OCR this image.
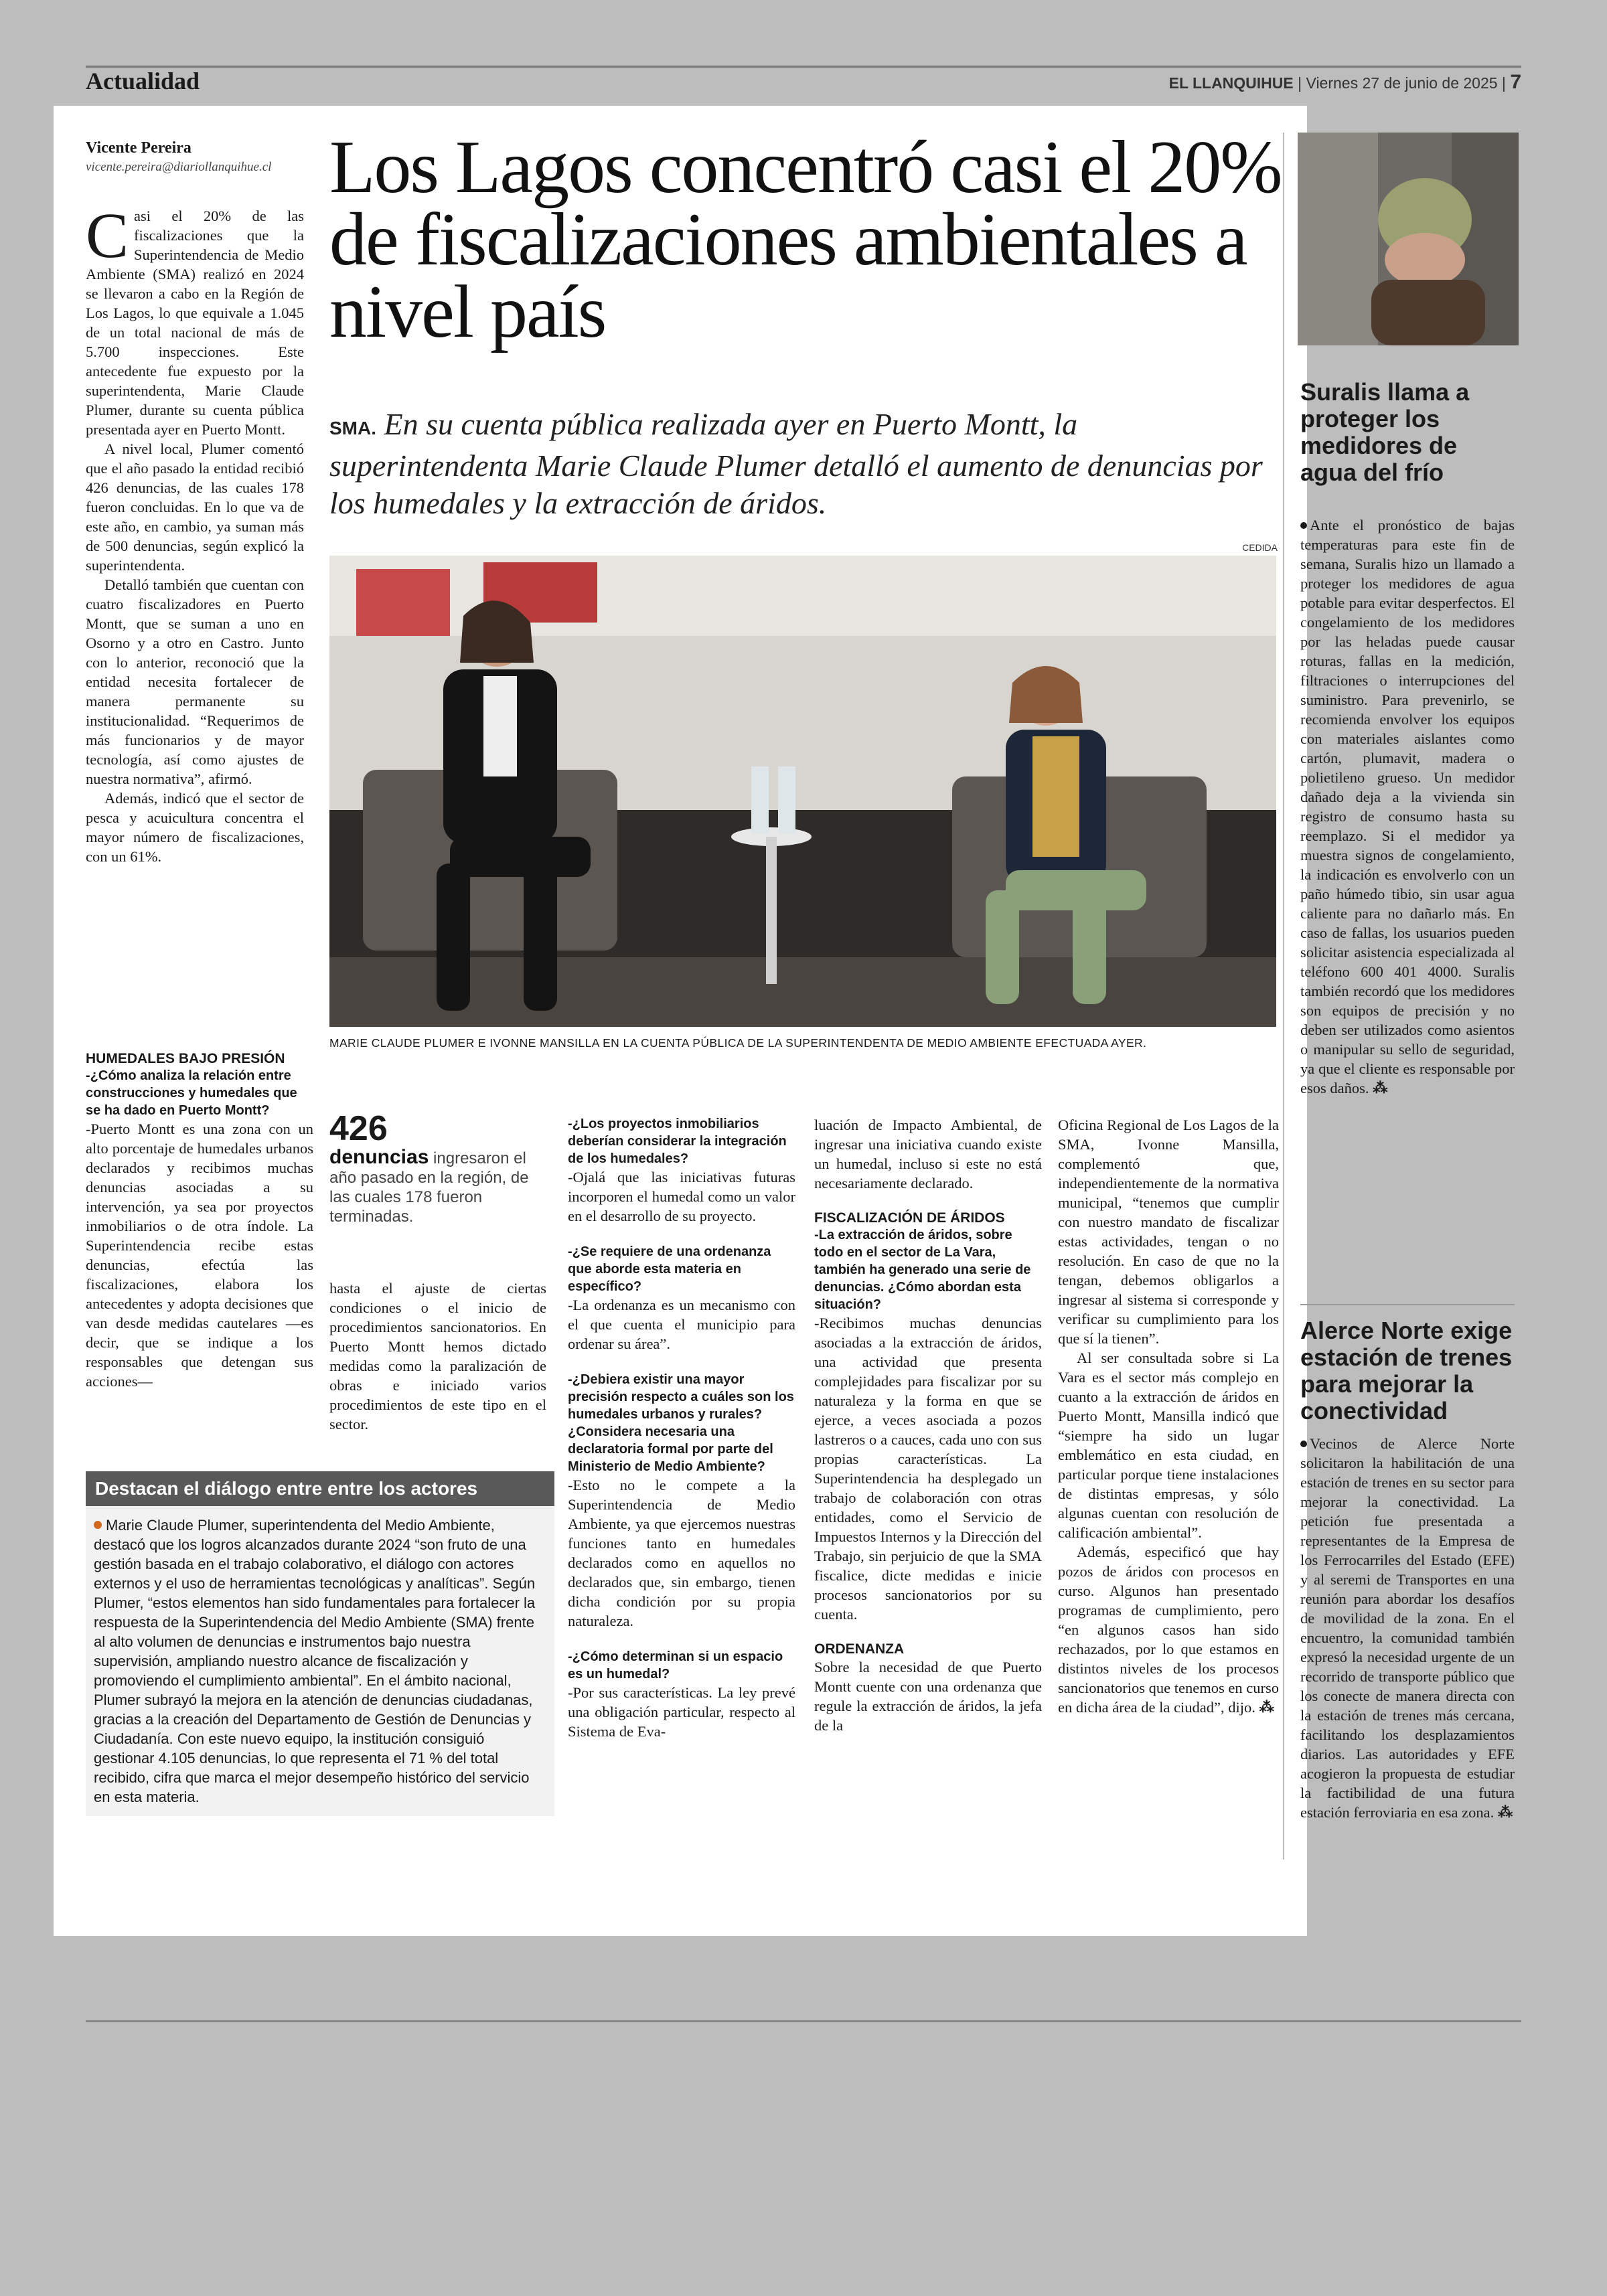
Actualidad	EL LLANQUIHUE | Viernes 27 de junio de 2025 | 7
Vicente Pereira
vicente.pereira@diariollanquihue.cl

Casi el 20% de las fiscalizaciones que la Superintendencia de Medio Ambiente (SMA) realizó en 2024 se llevaron a cabo en la Región de Los Lagos, lo que equivale a 1.045 de un total nacional de más de 5.700 inspecciones. Este antecedente fue expuesto por la superintendenta, Marie Claude Plumer, durante su cuenta pública presentada ayer en Puerto Montt.

A nivel local, Plumer comentó que el año pasado la entidad recibió 426 denuncias, de las cuales 178 fueron concluidas. En lo que va de este año, en cambio, ya suman más de 500 denuncias, según explicó la superintendenta.

Detalló también que cuentan con cuatro fiscalizadores en Puerto Montt, que se suman a uno en Osorno y a otro en Castro. Junto con lo anterior, reconoció que la entidad necesita fortalecer de manera permanente su institucionalidad. “Requerimos de más funcionarios y de mayor tecnología, así como ajustes de nuestra normativa”, afirmó.

Además, indicó que el sector de pesca y acuicultura concentra el mayor número de fiscalizaciones, con un 61%.

Los Lagos concentró casi el 20% de fiscalizaciones ambientales a nivel país
SMA. En su cuenta pública realizada ayer en Puerto Montt, la superintendenta Marie Claude Plumer detalló el aumento de denuncias por los humedales y la extracción de áridos.
CEDIDA
MARIE CLAUDE PLUMER E IVONNE MANSILLA EN LA CUENTA PÚBLICA DE LA SUPERINTENDENTA DE MEDIO AMBIENTE EFECTUADA AYER.
HUMEDALES BAJO PRESIÓN
-¿Cómo analiza la relación entre construcciones y humedales que se ha dado en Puerto Montt?
-Puerto Montt es una zona con un alto porcentaje de humedales urbanos declarados y recibimos muchas denuncias asociadas a su intervención, ya sea por proyectos inmobiliarios o de otra índole. La Superintendencia recibe estas denuncias, efectúa las fiscalizaciones, elabora los antecedentes y adopta decisiones que van desde medidas cautelares —es decir, que se indique a los responsables que detengan sus acciones—
426
denuncias ingresaron el año pasado en la región, de las cuales 178 fueron terminadas.
hasta el ajuste de ciertas condiciones o el inicio de procedimientos sancionatorios. En Puerto Montt hemos dictado medidas como la paralización de obras e iniciado varios procedimientos de este tipo en el sector.
-¿Los proyectos inmobiliarios deberían considerar la integración de los humedales?
-Ojalá que las iniciativas futuras incorporen el humedal como un valor en el desarrollo de su proyecto.
-¿Se requiere de una ordenanza que aborde esta materia en específico?
-La ordenanza es un mecanismo con el que cuenta el municipio para ordenar su área”.
-¿Debiera existir una mayor precisión respecto a cuáles son los humedales urbanos y rurales? ¿Considera necesaria una declaratoria formal por parte del Ministerio de Medio Ambiente?
-Esto no le compete a la Superintendencia de Medio Ambiente, ya que ejercemos nuestras funciones tanto en humedales declarados como en aquellos no declarados que, sin embargo, tienen dicha condición por su propia naturaleza.
-¿Cómo determinan si un espacio es un humedal?
-Por sus características. La ley prevé una obligación particular, respecto al Sistema de Eva-
luación de Impacto Ambiental, de ingresar una iniciativa cuando existe un humedal, incluso si este no está necesariamente declarado.
FISCALIZACIÓN DE ÁRIDOS
-La extracción de áridos, sobre todo en el sector de La Vara, también ha generado una serie de denuncias. ¿Cómo abordan esta situación?
-Recibimos muchas denuncias asociadas a la extracción de áridos, una actividad que presenta complejidades para fiscalizar por su naturaleza y la forma en que se ejerce, a veces asociada a pozos lastreros o a cauces, cada uno con sus propias características. La Superintendencia ha desplegado un trabajo de colaboración con otras entidades, como el Servicio de Impuestos Internos y la Dirección del Trabajo, sin perjuicio de que la SMA fiscalice, dicte medidas e inicie procesos sancionatorios por su cuenta.
ORDENANZA
Sobre la necesidad de que Puerto Montt cuente con una ordenanza que regule la extracción de áridos, la jefa de la
Oficina Regional de Los Lagos de la SMA, Ivonne Mansilla, complementó que, independientemente de la normativa municipal, “tenemos que cumplir con nuestro mandato de fiscalizar estas actividades, tengan o no resolución. En caso de que no la tengan, debemos obligarlos a ingresar al sistema si corresponde y verificar su cumplimiento para los que sí la tienen”.
Al ser consultada sobre si La Vara es el sector más complejo en cuanto a la extracción de áridos en Puerto Montt, Mansilla indicó que “siempre ha sido un lugar emblemático en esta ciudad, en particular porque tiene instalaciones de distintas empresas, y sólo algunas cuentan con resolución de calificación ambiental”.
Además, especificó que hay pozos de áridos con procesos en curso. Algunos han presentado programas de cumplimiento, pero “en algunos casos han sido rechazados, por lo que estamos en distintos niveles de los procesos sancionatorios que tenemos en curso en dicha área de la ciudad”, dijo. ⁂
Destacan el diálogo entre entre los actores
Marie Claude Plumer, superintendenta del Medio Ambiente, destacó que los logros alcanzados durante 2024 “son fruto de una gestión basada en el trabajo colaborativo, el diálogo con actores externos y el uso de herramientas tecnológicas y analíticas”. Según Plumer, “estos elementos han sido fundamentales para fortalecer la respuesta de la Superintendencia del Medio Ambiente (SMA) frente al alto volumen de denuncias e instrumentos bajo nuestra supervisión, ampliando nuestro alcance de fiscalización y promoviendo el cumplimiento ambiental”. En el ámbito nacional, Plumer subrayó la mejora en la atención de denuncias ciudadanas, gracias a la creación del Departamento de Gestión de Denuncias y Ciudadanía. Con este nuevo equipo, la institución consiguió gestionar 4.105 denuncias, lo que representa el 71 % del total recibido, cifra que marca el mejor desempeño histórico del servicio en esta materia.
Suralis llama a proteger los medidores de agua del frío
Ante el pronóstico de bajas temperaturas para este fin de semana, Suralis hizo un llamado a proteger los medidores de agua potable para evitar desperfectos. El congelamiento de los medidores por las heladas puede causar roturas, fallas en la medición, filtraciones o interrupciones del suministro. Para prevenirlo, se recomienda envolver los equipos con materiales aislantes como cartón, plumavit, madera o polietileno grueso. Un medidor dañado deja a la vivienda sin registro de consumo hasta su reemplazo. Si el medidor ya muestra signos de congelamiento, la indicación es envolverlo con un paño húmedo tibio, sin usar agua caliente para no dañarlo más. En caso de fallas, los usuarios pueden solicitar asistencia especializada al teléfono 600 401 4000. Suralis también recordó que los medidores son equipos de precisión y no deben ser utilizados como asientos o manipular su sello de seguridad, ya que el cliente es responsable por esos daños. ⁂
Alerce Norte exige estación de trenes para mejorar la conectividad
Vecinos de Alerce Norte solicitaron la habilitación de una estación de trenes en su sector para mejorar la conectividad. La petición fue presentada a representantes de la Empresa de los Ferrocarriles del Estado (EFE) y al seremi de Transportes en una reunión para abordar los desafíos de movilidad de la zona. En el encuentro, la comunidad también expresó la necesidad urgente de un recorrido de transporte público que los conecte de manera directa con la estación de trenes más cercana, facilitando los desplazamientos diarios. Las autoridades y EFE acogieron la propuesta de estudiar la factibilidad de una futura estación ferroviaria en esa zona. ⁂
